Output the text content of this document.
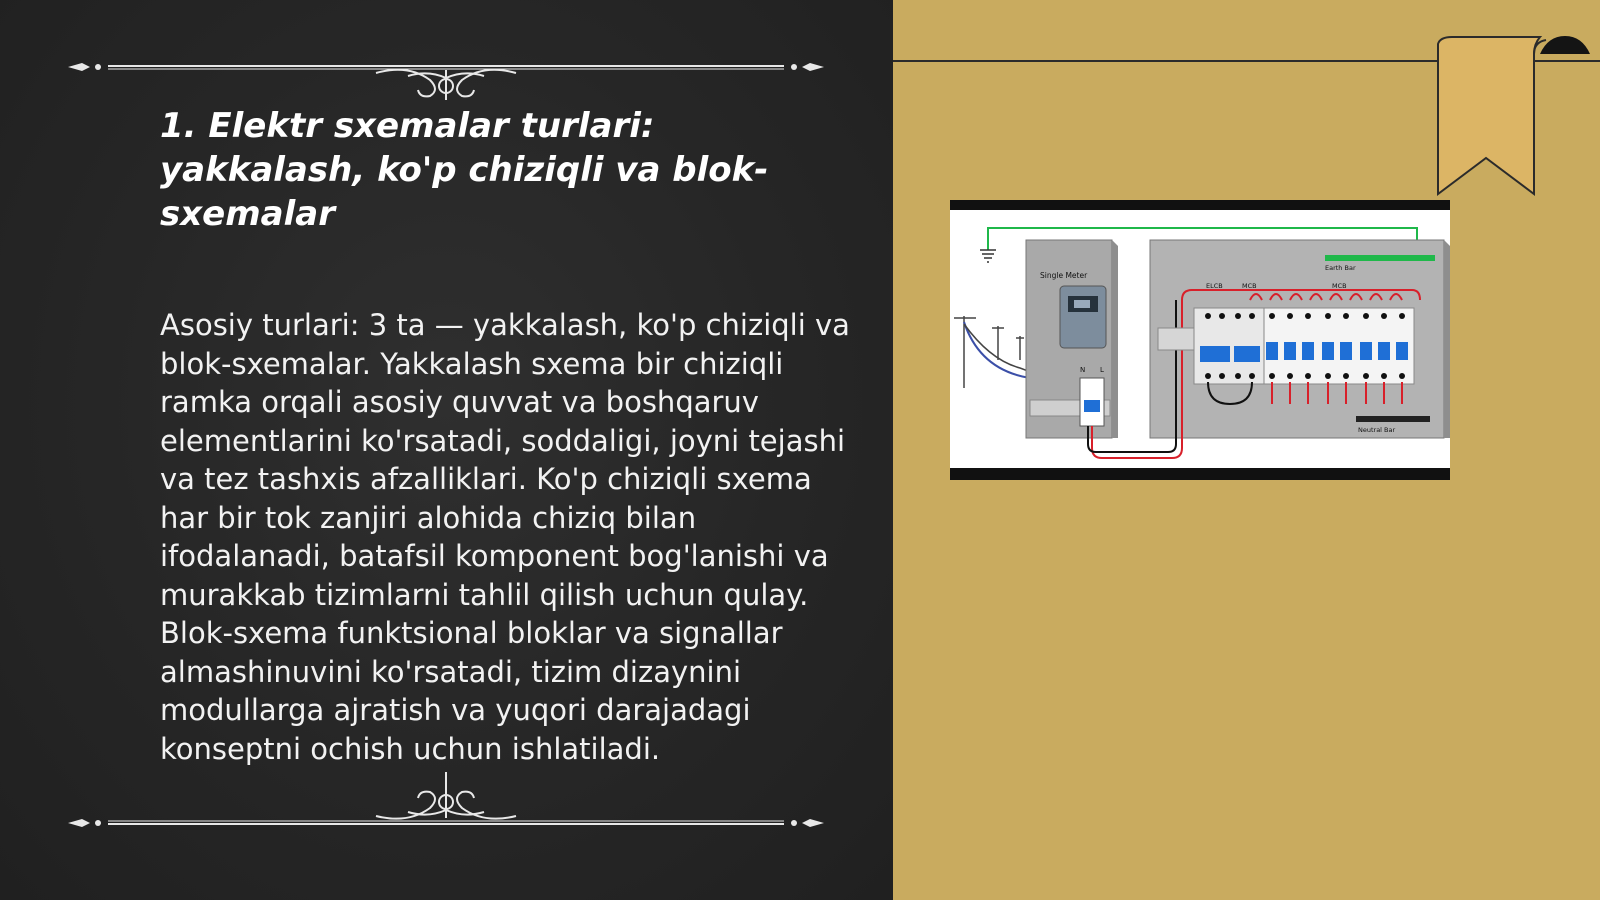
1. Elektr sxemalar turlari: yakkalash, ko'p chiziqli va blok-sxemalar

Asosiy turlari: 3 ta — yakkalash, ko'p chiziqli va blok-sxemalar. Yakkalash sxema bir chiziqli ramka orqali asosiy quvvat va boshqaruv elementlarini ko'rsatadi, soddaligi, joyni tejashi va tez tashxis afzalliklari. Ko'p chiziqli sxema har bir tok zanjiri alohida chiziq bilan ifodalanadi, batafsil komponent bog'lanishi va murakkab tizimlarni tahlil qilish uchun qulay. Blok-sxema funktsional bloklar va signallar almashinuvini ko'rsatadi, tizim dizaynini modullarga ajratish va yuqori darajadagi konseptni ochish uchun ishlatiladi.

Single Meter
N L
Earth Bar
ELCB	MCB	MCB
Neutral Bar
